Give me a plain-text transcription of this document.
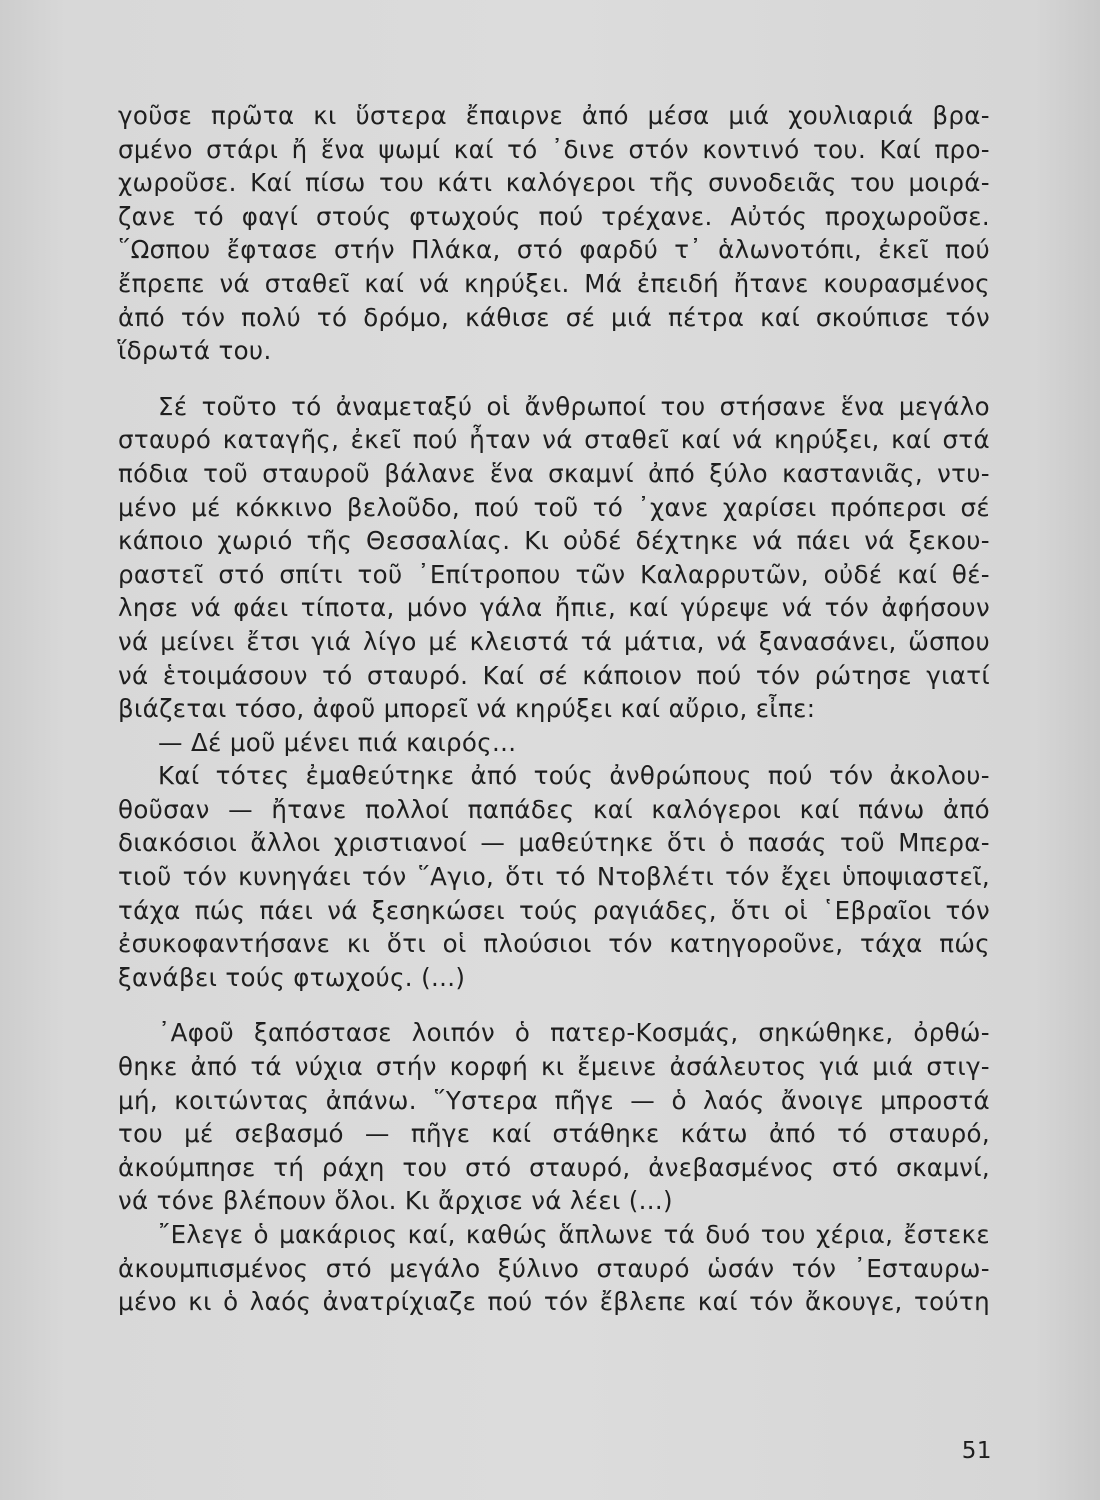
γοῦσε πρῶτα κι ὕστερα ἔπαιρνε ἀπό μέσα μιά χουλιαριά βρα-
σμένο στάρι ἤ ἕνα ψωμί καί τό ᾽δινε στόν κοντινό του. Καί προ-
χωροῦσε. Καί πίσω του κάτι καλόγεροι τῆς συνοδειᾶς του μοιρά-
ζανε τό φαγί στούς φτωχούς πού τρέχανε. Αὐτός προχωροῦσε.
῞Ωσπου ἔφτασε στήν Πλάκα, στό φαρδύ τ᾽ ἁλωνοτόπι, ἐκεῖ πού
ἔπρεπε νά σταθεῖ καί νά κηρύξει. Μά ἐπειδή ἤτανε κουρασμένος
ἀπό τόν πολύ τό δρόμο, κάθισε σέ μιά πέτρα καί σκούπισε τόν
ἵδρωτά του.
Σέ τοῦτο τό ἀναμεταξύ οἱ ἄνθρωποί του στήσανε ἕνα μεγάλο
σταυρό καταγῆς, ἐκεῖ πού ἦταν νά σταθεῖ καί νά κηρύξει, καί στά
πόδια τοῦ σταυροῦ βάλανε ἕνα σκαμνί ἀπό ξύλο καστανιᾶς, ντυ-
μένο μέ κόκκινο βελοῦδο, πού τοῦ τό ᾽χανε χαρίσει πρόπερσι σέ
κάποιο χωριό τῆς Θεσσαλίας. Κι οὐδέ δέχτηκε νά πάει νά ξεκου-
ραστεῖ στό σπίτι τοῦ ᾽Επίτροπου τῶν Καλαρρυτῶν, οὐδέ καί θέ-
λησε νά φάει τίποτα, μόνο γάλα ἤπιε, καί γύρεψε νά τόν ἀφήσουν
νά μείνει ἔτσι γιά λίγο μέ κλειστά τά μάτια, νά ξανασάνει, ὥσπου
νά ἑτοιμάσουν τό σταυρό. Καί σέ κάποιον πού τόν ρώτησε γιατί
βιάζεται τόσο, ἀφοῦ μπορεῖ νά κηρύξει καί αὔριο, εἶπε:
— Δέ μοῦ μένει πιά καιρός...
Καί τότες ἐμαθεύτηκε ἀπό τούς ἀνθρώπους πού τόν ἀκολου-
θοῦσαν — ἤτανε πολλοί παπάδες καί καλόγεροι καί πάνω ἀπό
διακόσιοι ἄλλοι χριστιανοί — μαθεύτηκε ὅτι ὁ πασάς τοῦ Μπερα-
τιοῦ τόν κυνηγάει τόν ῞Αγιο, ὅτι τό Ντοβλέτι τόν ἔχει ὑποψιαστεῖ,
τάχα πώς πάει νά ξεσηκώσει τούς ραγιάδες, ὅτι οἱ ῾Εβραῖοι τόν
ἐσυκοφαντήσανε κι ὅτι οἱ πλούσιοι τόν κατηγοροῦνε, τάχα πώς
ξανάβει τούς φτωχούς. (...)
᾽Αφοῦ ξαπόστασε λοιπόν ὁ πατερ-Κοσμάς, σηκώθηκε, ὀρθώ-
θηκε ἀπό τά νύχια στήν κορφή κι ἔμεινε ἀσάλευτος γιά μιά στιγ-
μή, κοιτώντας ἀπάνω. ῞Υστερα πῆγε — ὁ λαός ἄνοιγε μπροστά
του μέ σεβασμό — πῆγε καί στάθηκε κάτω ἀπό τό σταυρό,
ἀκούμπησε τή ράχη του στό σταυρό, ἀνεβασμένος στό σκαμνί,
νά τόνε βλέπουν ὅλοι. Κι ἄρχισε νά λέει (...)
῎Ελεγε ὁ μακάριος καί, καθώς ἅπλωνε τά δυό του χέρια, ἔστεκε
ἀκουμπισμένος στό μεγάλο ξύλινο σταυρό ὡσάν τόν ᾽Εσταυρω-
μένο κι ὁ λαός ἀνατρίχιαζε πού τόν ἔβλεπε καί τόν ἄκουγε, τούτη
51
